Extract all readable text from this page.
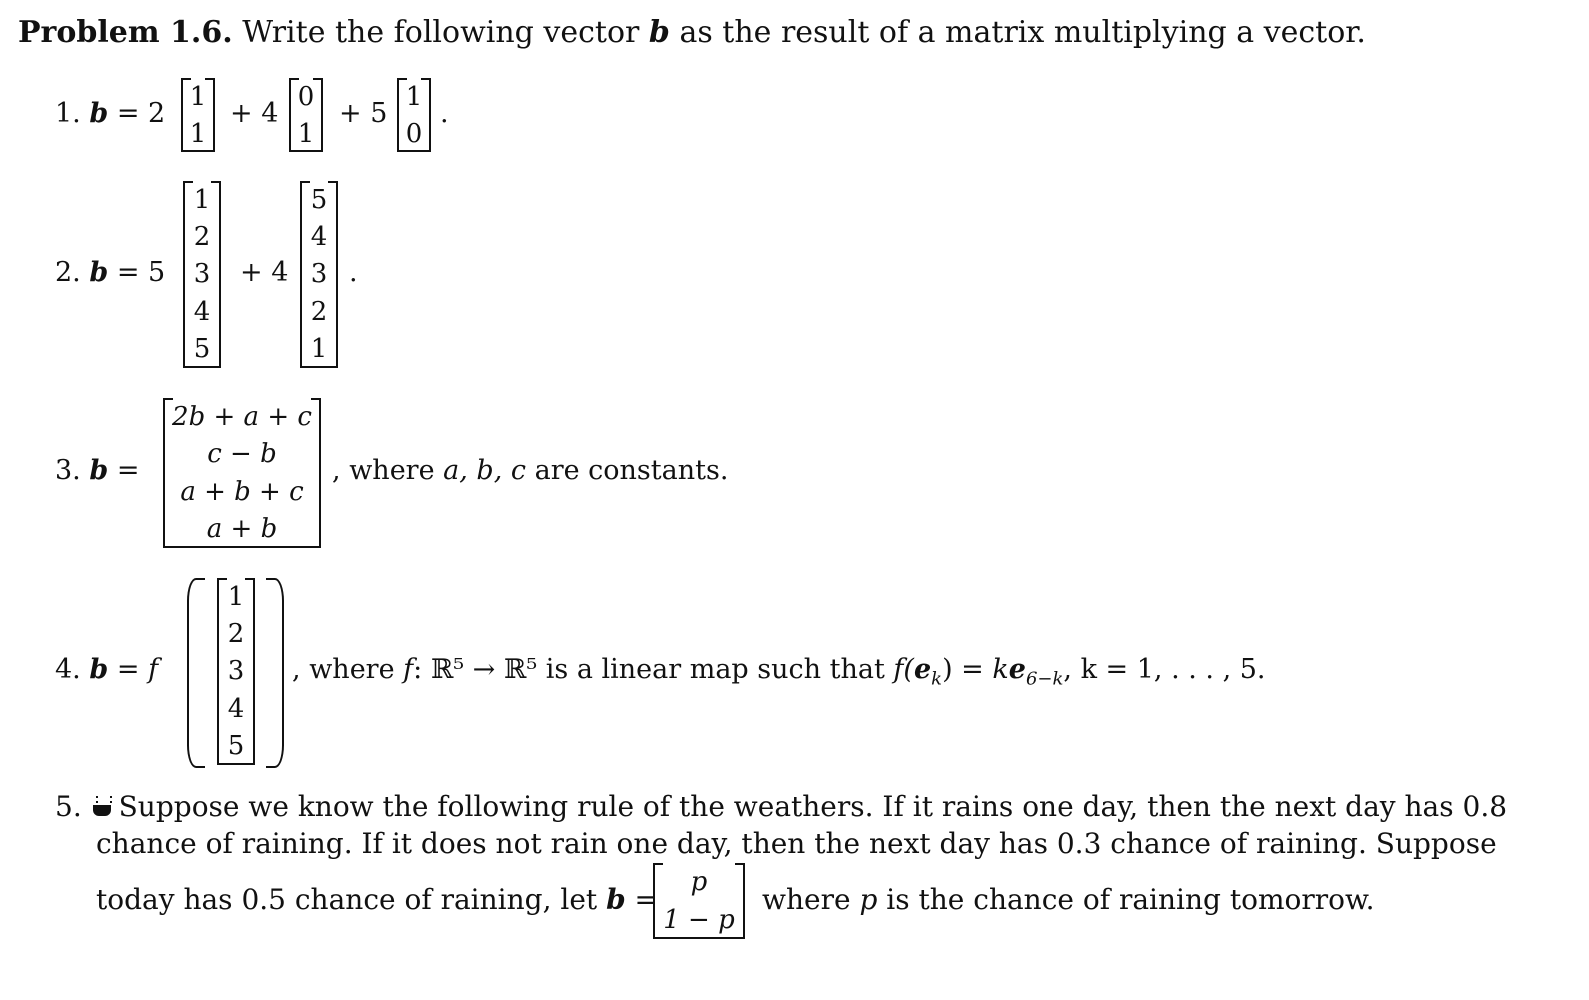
Problem 1.6. Write the following vector b as the result of a matrix multiplying a vector.
1. b = 2
1
1
+ 4
0
1
+ 5
1
0
.
2. b = 5
1
2
3
4
5
+ 4
5
4
3
2
1
.
3. b =
2b + a + c
c − b
a + b + c
a + b
, where a, b, c are constants.
4. b = f
1
2
3
4
5
, where f: ℝ⁵ → ℝ⁵ is a linear map such that $f(e_k) = ke_{6-k}$, k = 1, . . . , 5.
5. Suppose we know the following rule of the weathers. If it rains one day, then the next day has 0.8
chance of raining. If it does not rain one day, then the next day has 0.3 chance of raining. Suppose
today has 0.5 chance of raining, let b =
p
1 − p
where p is the chance of raining tomorrow.
